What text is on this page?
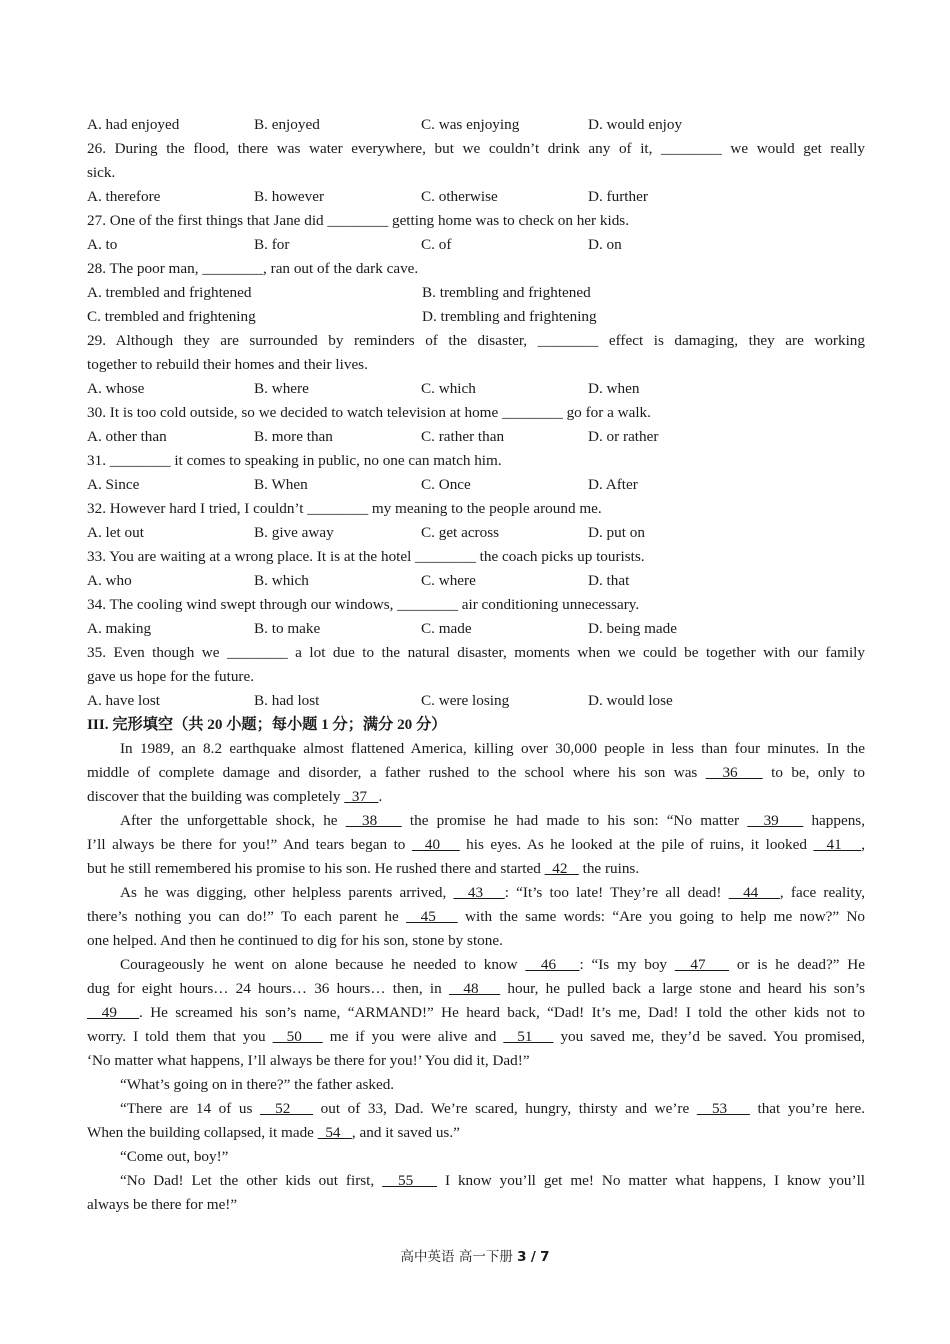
A. had enjoyed	B. enjoyed	C. was enjoying	D. would enjoy
26. During the flood, there was water everywhere, but we couldn’t drink any of it, ________ we would get really
sick.
A. therefore	B. however	C. otherwise	D. further
27. One of the first things that Jane did ________ getting home was to check on her kids.
A. to	B. for	C. of	D. on
28. The poor man, ________, ran out of the dark cave.
A. trembled and frightened	B. trembling and frightened
C. trembled and frightening	D. trembling and frightening
29. Although they are surrounded by reminders of the disaster, ________ effect is damaging, they are working
together to rebuild their homes and their lives.
A. whose	B. where	C. which	D. when
30. It is too cold outside, so we decided to watch television at home ________ go for a walk.
A. other than	B. more than	C. rather than	D. or rather
31. ________ it comes to speaking in public, no one can match him.
A. Since	B. When	C. Once	D. After
32. However hard I tried, I couldn’t ________ my meaning to the people around me.
A. let out	B. give away	C. get across	D. put on
33. You are waiting at a wrong place. It is at the hotel ________ the coach picks up tourists.
A. who	B. which	C. where	D. that
34. The cooling wind swept through our windows, ________ air conditioning unnecessary.
A. making	B. to make	C. made	D. being made
35. Even though we ________ a lot due to the natural disaster, moments when we could be together with our family
gave us hope for the future.
A. have lost	B. had lost	C. were losing	D. would lose
III. 完形填空（共 20 小题；每小题 1 分；满分 20 分）
In 1989, an 8.2 earthquake almost flattened America, killing over 30,000 people in less than four minutes. In the
middle of complete damage and disorder, a father rushed to the school where his son was   36    to be, only to
discover that the building was completely   37   .
After the unforgettable shock, he   38    the promise he had made to his son: “No matter   39    happens,
I’ll always be there for you!” And tears began to   40    his eyes. As he looked at the pile of ruins, it looked   41   ,
but he still remembered his promise to his son. He rushed there and started   42    the ruins.
As he was digging, other helpless parents arrived,   43   : “It’s too late! They’re all dead!   44   , face reality,
there’s nothing you can do!” To each parent he   45    with the same words: “Are you going to help me now?” No
one helped. And then he continued to dig for his son, stone by stone.
Courageously he went on alone because he needed to know   46   : “Is my boy   47    or is he dead?” He
dug for eight hours… 24 hours… 36 hours… then, in   48    hour, he pulled back a large stone and heard his son’s
49   . He screamed his son’s name, “ARMAND!” He heard back, “Dad! It’s me, Dad! I told the other kids not to
worry. I told them that you   50    me if you were alive and   51    you saved me, they’d be saved. You promised,
‘No matter what happens, I’ll always be there for you!’ You did it, Dad!”
“What’s going on in there?” the father asked.
“There are 14 of us   52    out of 33, Dad. We’re scared, hungry, thirsty and we’re   53    that you’re here.
When the building collapsed, it made   54   , and it saved us.”
“Come out, boy!”
“No Dad! Let the other kids out first,   55    I know you’ll get me! No matter what happens, I know you’ll
always be there for me!”
高中英语 高一下册 3 / 7
